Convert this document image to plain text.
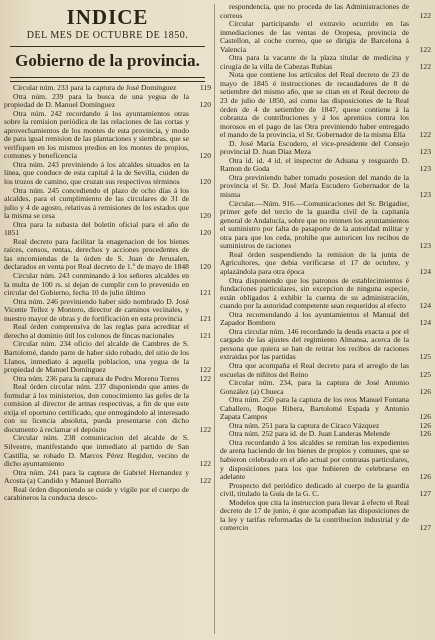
INDICE
DEL MES DE OCTUBRE DE 1850.
Gobierno de la provincia.
Circular núm. 233 para la captura de José Domínguez	119
Otra núm. 239 para la busca de una yegua de la propiedad de D. Manuel Domínguez	120
Otra núm. 242 recordando á los ayuntamientos otras sobre la remision periódica de las relaciones de las cortas y aprovechamientos de los montes de esta provincia, y modo de para igual remision de las plantaciones y siembras, que se verifiquen en los mismos predios en los montes de propios, comunes y beneficencia	120
Otra núm. 243 previniendo á los alcaldes situados en la línea, que conduce de esta capital á la de Sevilla, cuiden de los trozos de camino, que cruzan sus respectivos términos	120
Otra núm. 245 concediendo el plazo de ocho días á los alcaldes, para el cumplimiento de las circulares de 31 de julio y 4 de agosto, relativas á remisiones de los estados que la misma se cesa	120
Otra para la subasta del boletín oficial para el año de 1851	120
Real decreto para facilitar la enagenacion de los bienes raíces, censos, rentas, derechos y acciones procedentes de las encomiendas de la órden de S. Juan de Jerusalen, declarados en venta por Real decreto de 1.º de mayo de 1848 120
Circular núm. 243 conminando á los señores alcaldes en la multa de 100 rs. si dejan de cumplir con lo prevenido en circular del Gobierno, fecha 10 de julio último	121
Otra núm. 246 previniendo haber sido nombrado D. José Vicente Tellez y Montero, director de caminos vecinales, y nuestro mayor de obras y de fortificación en esta provincia 121
Real órden comprensiva de las reglas para acreditar el derecho al dominio útil los colonos de fincas nacionales	121
Circular núm. 234 oficio del alcalde de Cambres de S. Bartolomé, dando parte de haber sido robado, del sitio de los Llanos, inmediato á aquella poblacion, una yegua de la propiedad de Manuel Domínguez	122
Otra núm. 236 para la captura de Pedro Moreno Torres	122
Real órden circular núm. 237 disponiendo que antes de formular á los ministerios, don conocimiento las gefes de la comision al director de armas respectivas, a fin de que este exija el oportuno certificado, que entregándolo al interesado con su licencia absoluta, pueda presentarse con dicho documento á reclamar el depósito	122
Circular núm. 238 comunicacion del alcalde de S. Silvestre, manifestando que inmediato al partido de San Castilla, se robado D. Marcos Pérez Regidor, vecino de dicho ayuntamiento	122
Otra núm. 241 para la captura de Gabriel Hernandez y Acosta (a) Candido y Manuel Borrallo	122
Real órden disponiendo se cuide y vigile por el cuerpo de carabineros la conducta desco-
respondencia, que no proceda de las Administraciones de correos	122
Circular participando el extravío ocurrido en las inmediaciones de las ventas de Oropesa, provincia de Castellon, al coche correo, que se dirigia de Barcelona á Valencia	122
Otra para la vacante de la plaza titular de medicina y cirugía de la villa de Cabezas Rubias	122
Nota que contiene los artículos del Real decreto de 23 de mayo de 1845 é instrucciones de recaudadores de 8 de setiembre del mismo año, que se citan en el Real decreto de 23 de julio de 1850, así como las disposiciones de la Real órden de 4 de setiembre de 1847, quese contiene á la cobranza de contribuciones y á los apremios contra los morosos en el pago de las Otra previniendo haber entregado el mando de la provincia, el Sr. Gobernador de la misma Ella 122
D. José María Escudero, el vice-presidente del Consejo provincial D. Juan Díaz Meza	123
Otra id. id. 4 id. el inspector de Aduana y resguardo D. Ramon de Goda	123
Otra previniendo haber tomado posesion del mando de la provincia el Sr. D. José María Escudero Gobernador de la misma	123
Circular.—Núm. 916.—Comunicaciones del Sr. Brigadier, primer gefe del tercio de la guardia civil de la capitanía general de Andalucía, sobre que no reinnen los ayuntamientos el suministro por falta de pasaporte de la autoridad militar y otra para que los ceda, prohibe que autoricen los recibos de suministros de raciones	123
Real órden suspendiendo la remision de la junta de Agricultores, que debia verificarse el 17 de octubre, y aplazándola para otra época	124
Otra disponiendo que los patronos de establecimientos é fundaciones particulares, sin excepcion de ninguna especie, están obligados á exhibir la cuenta de su administración, cuando por la autoridad competente sean requeridos al efecto 124
Otra recomendando á los ayuntamientos el Manual del Zapador Bombero	124
Otra circular núm. 146 recordando la deuda exacta a por el cargado de las ajustes del regimiento Almansa, acerca de la persona que quiera se han de retirar los recibos de raciones extraidas por las partidas	125
Otra que acompaña el Real decreto para el arreglo de las escuelas de niñitos del Reino	125
Circular núm. 234, para la captura de José Antonio González (a) Chueca	126
Otra núm. 250 para la captura de los reos Manuel Fontana Caballero, Roque Ribera, Bartolomé Espada y Antonio Zapata Campos	126
Otra núm. 251 para la captura de Ciraco Vázquez	126
Otra núm. 252 para id. de D. Juan Landeras Melende	126
Otra recordando á los alcaldes se remitan los expedientes de arena haciendo de los bienes de propios y comunes, que se habieron celebrado en el año actual por contratas particulares, y disposiciones para los que hubieren de celebrarse en adelante	126
Prospecto del periódico dedicado al cuerpo de la guardia civil, titulado la Guía de la G. C.	127
Modelos que cita la instruccion para llevar á efecto el Real decreto de 17 de junio, é que acompañan las disposiciones de la ley y tarifas reformadas de la contribucion industrial y de comercio	127
